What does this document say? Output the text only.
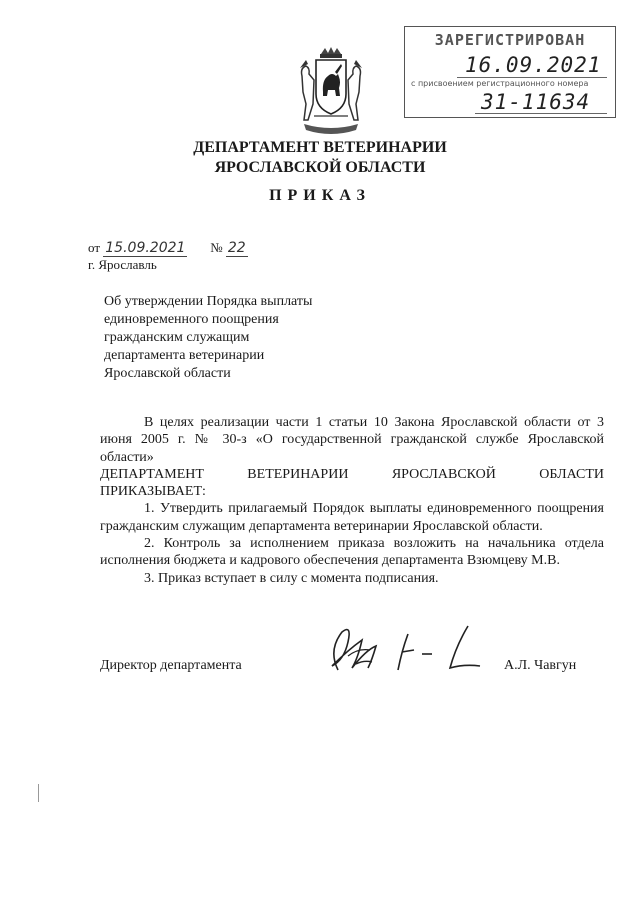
ЗАРЕГИСТРИРОВАН
16.09.2021
с присвоением регистрационного номера
31-11634
ДЕПАРТАМЕНТ ВЕТЕРИНАРИИ
ЯРОСЛАВСКОЙ ОБЛАСТИ
ПРИКАЗ
от 15.09.2021 № 22
г. Ярославль
Об утверждении Порядка выплаты
единовременного поощрения
гражданским служащим
департамента ветеринарии
Ярославской области

В целях реализации части 1 статьи 10 Закона Ярославской области от 3 июня 2005 г. № 30-з «О государственной гражданской службе Ярославской области»

ДЕПАРТАМЕНТ ВЕТЕРИНАРИИ ЯРОСЛАВСКОЙ ОБЛАСТИ

ПРИКАЗЫВАЕТ:

1. Утвердить прилагаемый Порядок выплаты единовременного поощрения гражданским служащим департамента ветеринарии Ярославской области.

2. Контроль за исполнением приказа возложить на начальника отдела исполнения бюджета и кадрового обеспечения департамента Взюмцеву М.В.

3. Приказ вступает в силу с момента подписания.

Директор департамента	А.Л. Чавгун
